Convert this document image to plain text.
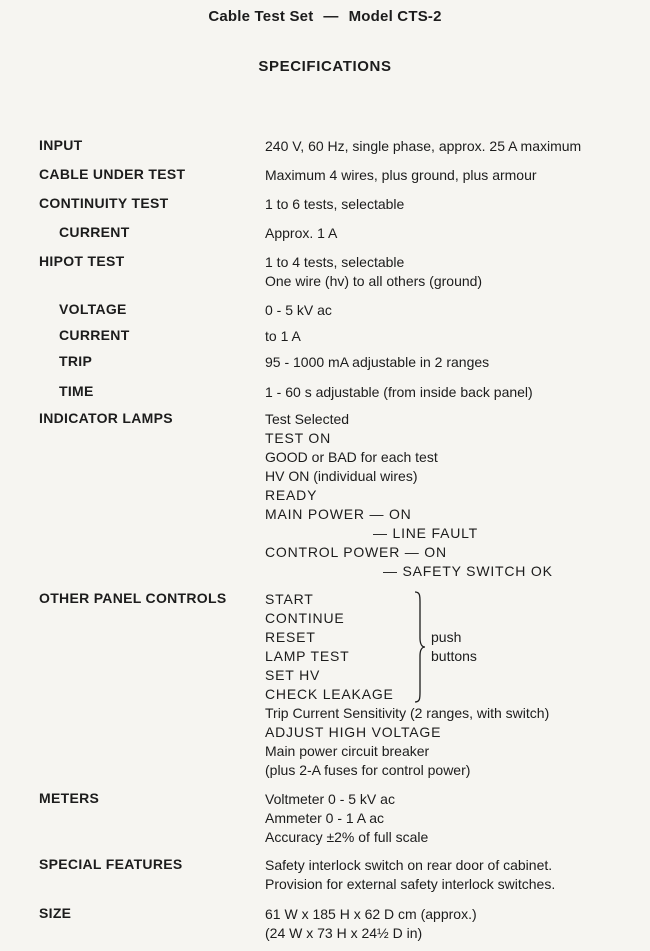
Cable Test Set — Model CTS-2
SPECIFICATIONS
INPUT	240 V, 60 Hz, single phase, approx. 25 A maximum
CABLE UNDER TEST	Maximum 4 wires, plus ground, plus armour
CONTINUITY TEST	1 to 6 tests, selectable
CURRENT	Approx. 1 A
HIPOT TEST	1 to 4 tests, selectable
One wire (hv) to all others (ground)
VOLTAGE	0 - 5 kV ac
CURRENT	to 1 A
TRIP	95 - 1000 mA adjustable in 2 ranges
TIME	1 - 60 s adjustable (from inside back panel)
INDICATOR LAMPS	Test Selected
TEST ON
GOOD or BAD for each test
HV ON (individual wires)
READY
MAIN POWER — ON
— LINE FAULT
CONTROL POWER — ON
— SAFETY SWITCH OK
OTHER PANEL CONTROLS	START
CONTINUE
RESET
LAMP TEST
SET HV
CHECK LEAKAGE
push
buttons
Trip Current Sensitivity (2 ranges, with switch)
ADJUST HIGH VOLTAGE
Main power circuit breaker
(plus 2-A fuses for control power)
METERS	Voltmeter 0 - 5 kV ac
Ammeter 0 - 1 A ac
Accuracy ±2% of full scale
SPECIAL FEATURES	Safety interlock switch on rear door of cabinet.
Provision for external safety interlock switches.
SIZE	61 W x 185 H x 62 D cm (approx.)
(24 W x 73 H x 24½ D in)
